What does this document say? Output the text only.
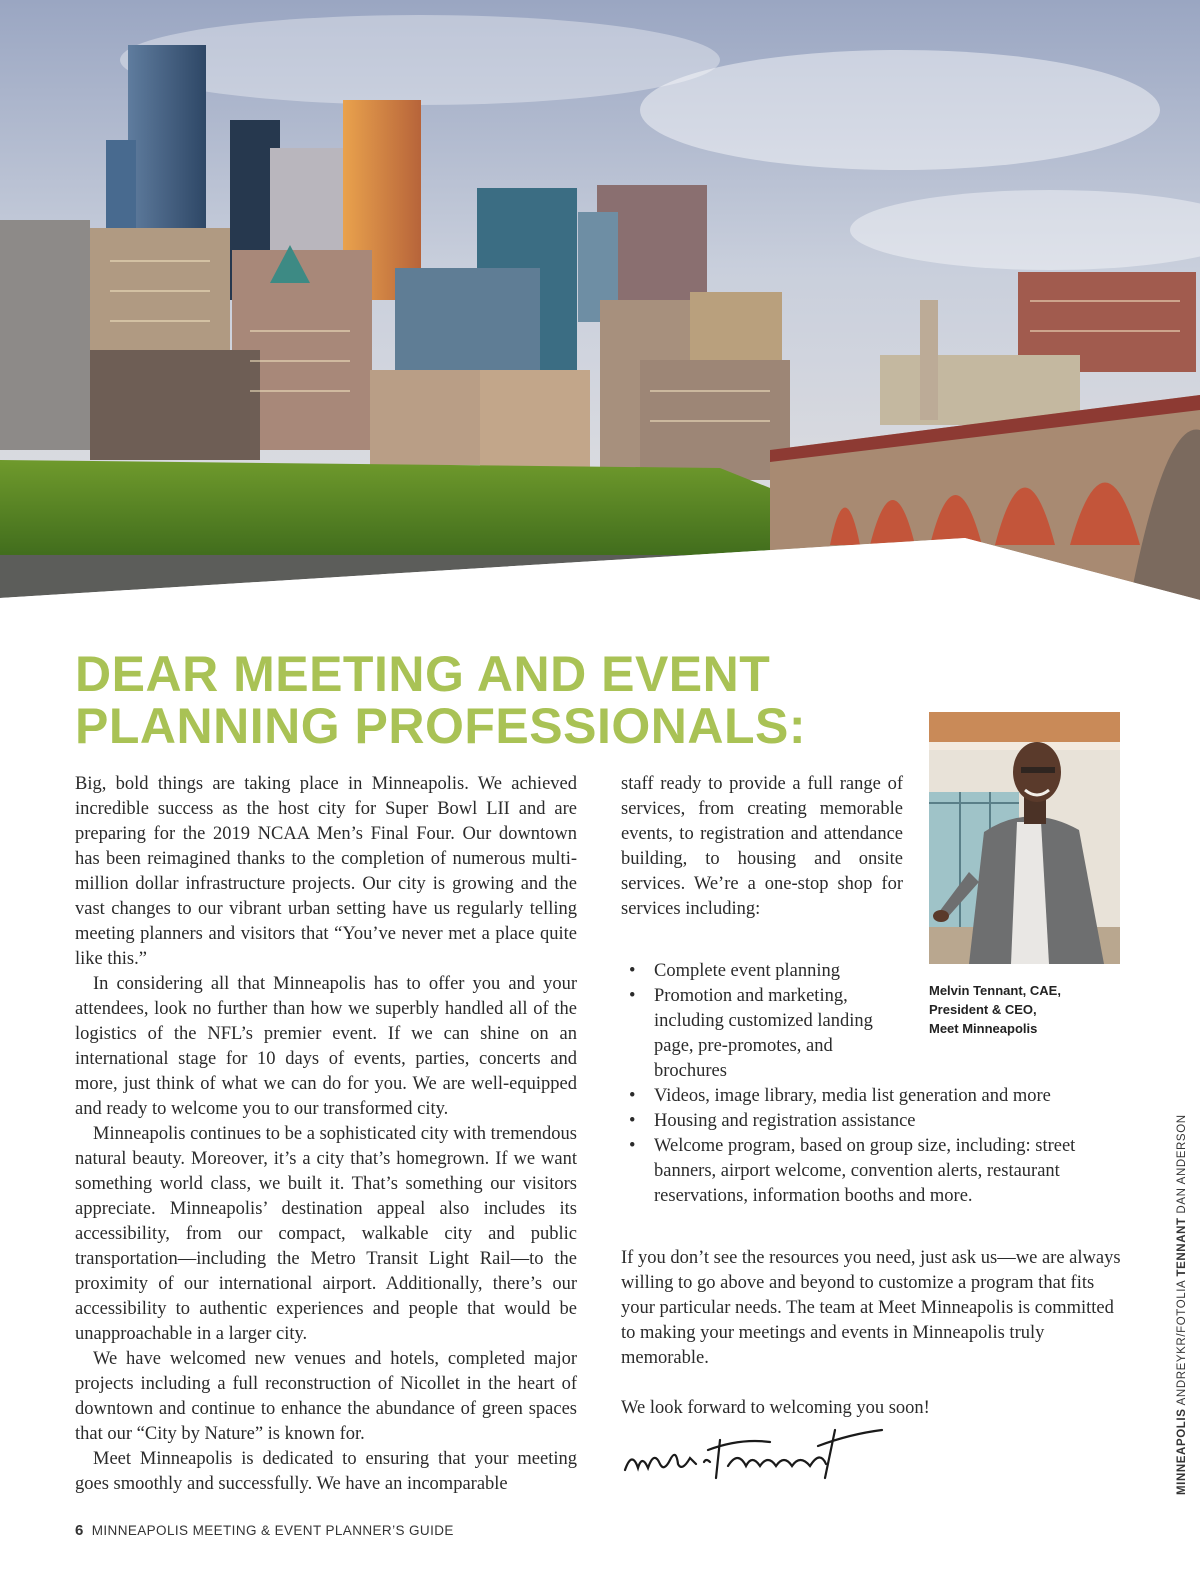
DEAR MEETING AND EVENT
PLANNING PROFESSIONALS:

Big, bold things are taking place in Minneapolis. We achieved incredible success as the host city for Super Bowl LII and are preparing for the 2019 NCAA Men’s Final Four. Our downtown has been reimagined thanks to the completion of numerous multi-million dollar infrastructure projects. Our city is growing and the vast changes to our vibrant urban setting have us regularly telling meeting planners and visitors that “You’ve never met a place quite like this.”

In considering all that Minneapolis has to offer you and your attendees, look no further than how we superbly handled all of the logistics of the NFL’s premier event. If we can shine on an international stage for 10 days of events, parties, concerts and more, just think of what we can do for you. We are well-equipped and ready to welcome you to our transformed city.

Minneapolis continues to be a sophisticated city with tremendous natural beauty. Moreover, it’s a city that’s homegrown. If we want something world class, we built it. That’s something our visitors appreciate. Minneapolis’ destination appeal also includes its accessibility, from our compact, walkable city and public transportation—including the Metro Transit Light Rail—to the proximity of our international airport. Additionally, there’s our accessibility to authentic experiences and people that would be unapproachable in a larger city.

We have welcomed new venues and hotels, completed major projects including a full reconstruction of Nicollet in the heart of downtown and continue to enhance the abundance of green spaces that our “City by Nature” is known for.

Meet Minneapolis is dedicated to ensuring that your meeting goes smoothly and successfully. We have an incomparable

staff ready to provide a full range of services, from creating memorable events, to registration and attendance building, to housing and onsite services. We’re a one-stop shop for services including:

Melvin Tennant, CAE,
President & CEO,
Meet Minneapolis
• Complete event planning
• Promotion and marketing, including customized landing page, pre-promotes, and brochures
• Videos, image library, media list generation and more
• Housing and registration assistance
• Welcome program, based on group size, including: street banners, airport welcome, convention alerts, restaurant reservations, information booths and more.

If you don’t see the resources you need, just ask us—we are always willing to go above and beyond to customize a program that fits your particular needs. The team at Meet Minneapolis is committed to making your meetings and events in Minneapolis truly memorable.

We look forward to welcoming you soon!

MINNEAPOLIS ANDREYKR/FOTOLIA TENNANT DAN ANDERSON
6 MINNEAPOLIS MEETING & EVENT PLANNER’S GUIDE
